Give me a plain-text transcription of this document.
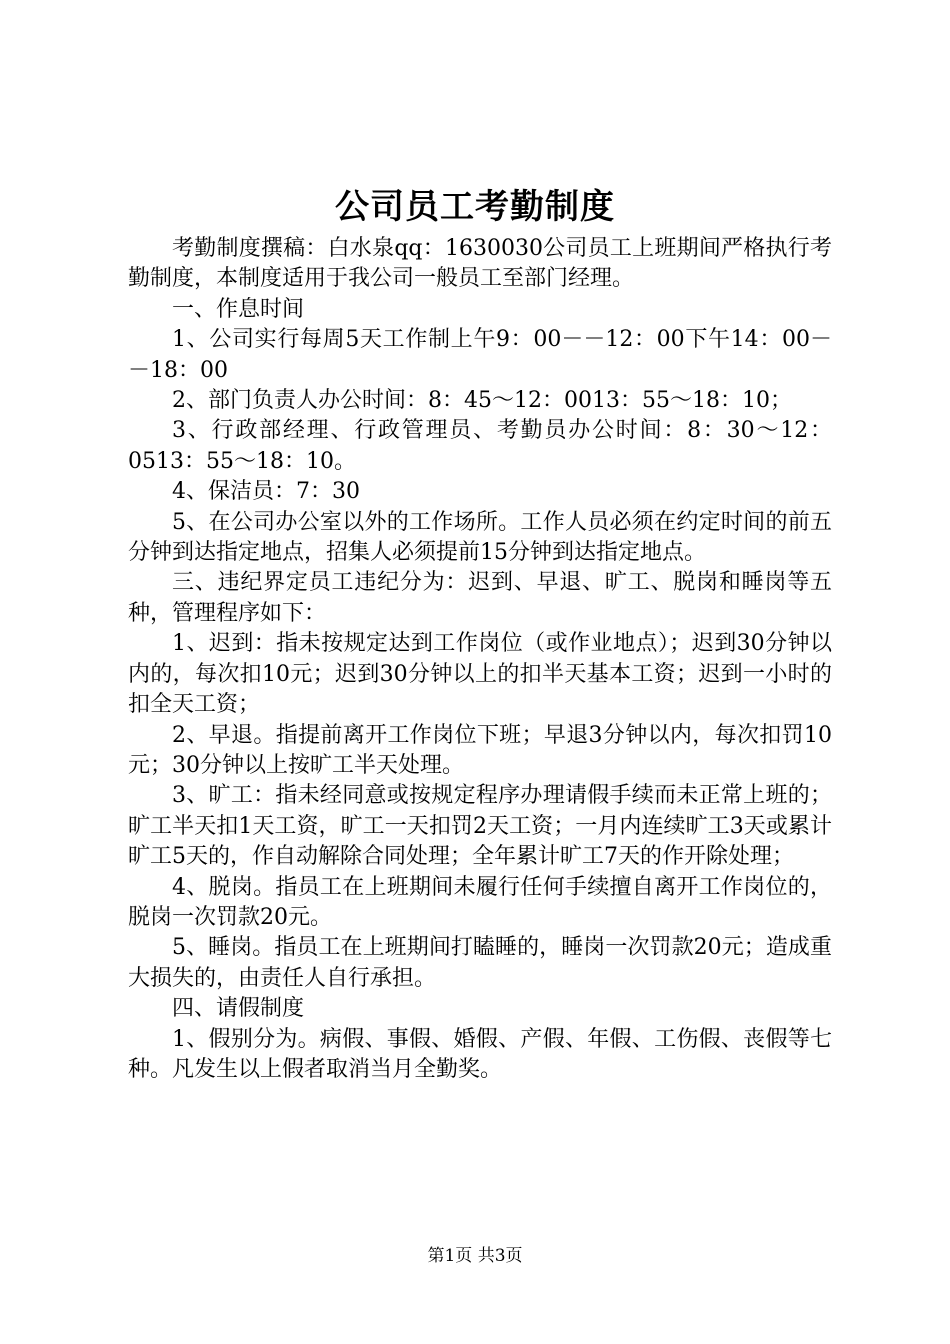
公司员工考勤制度

考勤制度撰稿：白水泉qq：1630030公司员工上班期间严格执行考勤制度，本制度适用于我公司一般员工至部门经理。

一、作息时间

1、公司实行每周5天工作制上午9：00－－12：00下午14：00－－18：00

2、部门负责人办公时间：8：45～12：0013：55～18：10；

3、行政部经理、行政管理员、考勤员办公时间：8：30～12：0513：55～18：10。

4、保洁员：7：30

5、在公司办公室以外的工作场所。工作人员必须在约定时间的前五分钟到达指定地点，招集人必须提前15分钟到达指定地点。

三、违纪界定员工违纪分为：迟到、早退、旷工、脱岗和睡岗等五种，管理程序如下：

1、迟到：指未按规定达到工作岗位（或作业地点）；迟到30分钟以内的，每次扣10元；迟到30分钟以上的扣半天基本工资；迟到一小时的扣全天工资；

2、早退。指提前离开工作岗位下班；早退3分钟以内，每次扣罚10元；30分钟以上按旷工半天处理。

3、旷工：指未经同意或按规定程序办理请假手续而未正常上班的；旷工半天扣1天工资，旷工一天扣罚2天工资；一月内连续旷工3天或累计旷工5天的，作自动解除合同处理；全年累计旷工7天的作开除处理；

4、脱岗。指员工在上班期间未履行任何手续擅自离开工作岗位的，脱岗一次罚款20元。

5、睡岗。指员工在上班期间打瞌睡的，睡岗一次罚款20元；造成重大损失的，由责任人自行承担。

四、请假制度

1、假别分为。病假、事假、婚假、产假、年假、工伤假、丧假等七种。凡发生以上假者取消当月全勤奖。

第1页 共3页
